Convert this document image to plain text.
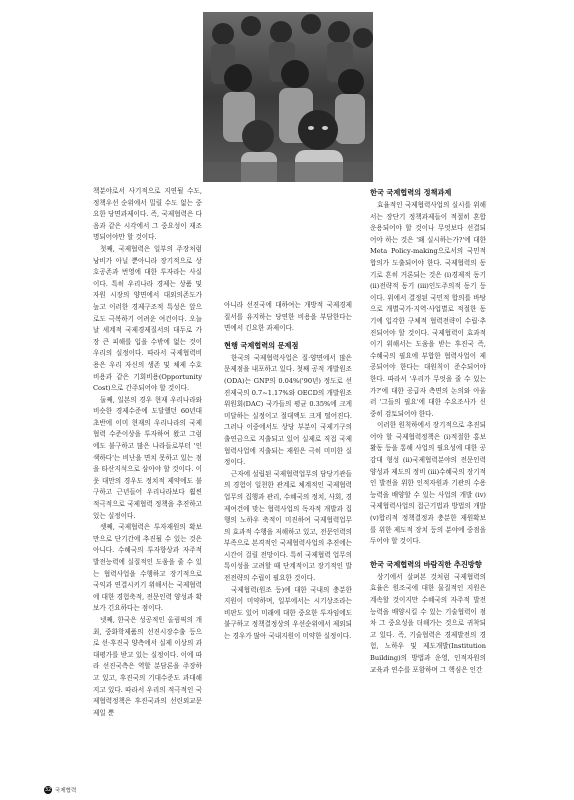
책분야로서 사기적으로 지연될 수도, 정책우선 순위에서 밀릴 수도 없는 중요한 당면과제이다. 즉, 국제협력은 다음과 같은 시각에서 그 중요성이 재조명되어야만 할 것이다.

첫째, 국제협력은 일부의 주장처럼 낭비가 아닐 뿐아니라 장기적으로 상호공존과 번영에 대한 투자라는 사실이다. 특히 우리나라 경제는 상품 및 자원 시장의 양면에서 대외의존도가 높고 이러한 경제구조적 특성은 앞으로도 극복하기 어려운 여건이다. 오늘날 세계적 국제경제질서의 대두로 가장 큰 피해를 입을 수밖에 없는 것이 우리의 실정이다. 따라서 국제협력비용은 우리 자신의 생존 및 체제 수호 비용과 같은 기회비용(Opportunity Cost)으로 간주되어야 할 것이다.

둘째, 일본의 경우 현재 우리나라와 비슷한 경제수준에 도달했던 60년대 초반에 이미 현재의 우리나라의 국제협력 수준이상을 투자하여 왔고 그럼에도 불구하고 많은 나라들로부터 '인색하다'는 비난을 면치 못하고 있는 점을 타산지석으로 삼아야 할 것이다. 이 웃 대만의 경우도 정치적 제약에도 불구하고 근년들어 우리나라보다 훨씬 적극적으로 국제협력 정책을 추진하고 있는 실정이다.

셋째, 국제협력은 투자재원의 확보만으로 단기간에 추진될 수 있는 것은 아니다. 수혜국의 투자향상과 자주적 발전능력에 실질적인 도움을 줄 수 있는 협력사업을 수행하고 장기적으로 국익과 연결시키기 위해서는 국제협력에 대한 경험축적, 전문인력 양성과 확보가 긴요하다는 점이다.

넷째, 한국은 성공적인 올림픽의 개최, 중화학제품의 선진시장수출 등으로 선·후진국 양측에서 실제 이상의 과대평가를 받고 있는 실정이다. 이에 따라 선진국측은 역할 분담론을 주장하고 있고, 후진국의 기대수준도 과대해지고 있다. 따라서 우리의 적극적인 국제협력정책은 후진국과의 선린외교문제일 뿐

아니라 선진국에 대하여는 개방적 국제경제질서를 유지하는 당연한 비용을 부담한다는 면에서 긴요한 과제이다.

현행 국제협력의 문제점

한국의 국제협력사업은 질·양면에서 많은 문제점을 내포하고 있다. 첫째 공적 개발원조(ODA)는 GNP의 0.04%('90년) 정도로 선진제국의 0.7~1.17%와 OECD의 개발원조위원회(DAC) 국가들의 평균 0.35%에 크게 미달하는 실정이고 절대액도 크게 떨어진다. 그러나 이중에서도 상당 부분이 국제기구의 출연금으로 지출되고 있어 실제로 직접 국제협력사업에 지출되는 재원은 극히 미미한 실정이다.

근자에 설립된 국제협력업무의 담당기관들의 경험이 일천한 관계로 체계적인 국제협력 업무의 집행과 관리, 수혜국의 정치, 사회, 경제여건에 맞는 협력사업의 독자적 개발과 집행의 노하우 축적이 미진하여 국제협력업무의 효과적 수행을 저해하고 있고, 전문인력의 부족으로 본격적인 국제협력사업의 추진에는 시간이 걸릴 전망이다. 특히 국제협력 업무의 특이성을 고려할 때 단계적이고 장기적인 발전전략의 수립이 필요한 것이다.

국제협력(원조 등)에 대한 국내의 충분한 지원이 미약하며, 일부에서는 시기상조라는 비판도 있어 미래에 대한 중요한 투자임에도 불구하고 정책결정상의 우선순위에서 제외되는 경우가 많아 국내지원이 미약한 실정이다.

한국 국제협력의 정책과제

효율적인 국제협력사업의 실시를 위해서는 장단기 정책과제들이 적절히 혼합운용되어야 할 것이나 무엇보다 선결되어야 하는 것은 '왜 실시하는가?'에 대한 Meta Policy-making으로서의 국민적 합의가 도출되어야 한다. 국제협력의 동기로 흔히 거론되는 것은 (i)경제적 동기 (ii)전략적 동기 (iii)인도주의적 동기 등이다. 위에서 결정된 국민적 합의를 바탕으로 개별국가·지역·사업별로 적절한 동기에 입각한 구체적 협력전략이 수립·추진되어야 할 것이다. 국제협력이 효과적이기 위해서는 도움을 받는 후진국 즉, 수혜국의 필요에 부합한 협력사업이 제공되어야 한다는 대원칙이 준수되어야 한다. 따라서 '우리가 무엇을 줄 수 있는가?'에 대한 공급자 측면의 논의와 아울러 '그들의 필요'에 대한 수요조사가 신중히 검토되어야 한다.

이러한 원칙하에서 장기적으로 추진되어야 할 국제협력정책은 (i)적절한 홍보 활동 등을 통해 사업의 필요성에 대한 공감대 형성 (ii)국제협력분야의 전문인력 양성과 제도의 정비 (iii)수혜국의 장기적인 발전을 위한 인적자원과 기관의 수용능력을 배양할 수 있는 사업의 개발 (iv)국제협력사업의 접근기법과 방법의 개발 (v)합리적 정책결정과 충분한 재원확보를 위한 제도적 장치 등의 분야에 중점을 두어야 할 것이다.

한국 국제협력의 바람직한 추진방향

상기에서 살펴본 것처럼 국제협력의 효율은 원조국에 대한 물질적인 지원은 계속할 것이지만 수혜국의 자주적 발전능력을 배양시킬 수 있는 기술협력이 점차 그 중요성을 더해가는 것으로 귀착되고 있다. 즉, 기술협력은 경제발전의 경험, 노하우 및 제도개발(Institution Building)의 방법과 운영, 인적자원의 교육과 연수를 포함하며 그 핵심은 인간

32 국제협력
